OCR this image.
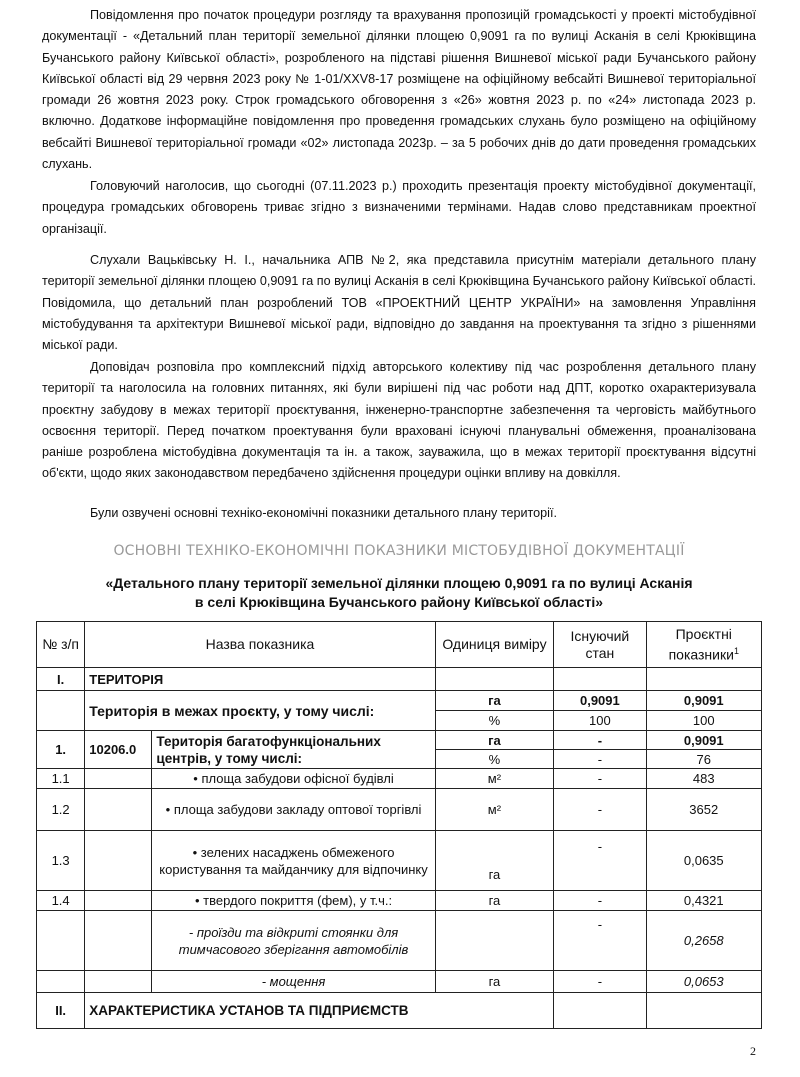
Повідомлення про початок процедури розгляду та врахування пропозицій громадськості у проекті містобудівної документації - «Детальний план території земельної ділянки площею 0,9091 га по вулиці Асканія в селі Крюківщина Бучанського району Київської області», розробленого на підставі рішення Вишневої міської ради Бучанського району Київської області від 29 червня 2023 року № 1-01/XXV8-17 розміщене на офіційному вебсайті Вишневої територіальної громади 26 жовтня 2023 року. Строк громадського обговорення з «26» жовтня 2023 р. по «24» листопада 2023 р. включно. Додаткове інформаційне повідомлення про проведення громадських слухань було розміщено на офіційному вебсайті Вишневої територіальної громади «02» листопада 2023р. – за 5 робочих днів до дати проведення громадських слухань.

Головуючий наголосив, що сьогодні (07.11.2023 р.) проходить презентація проекту містобудівної документації, процедура громадських обговорень триває згідно з визначеними термінами. Надав слово представникам проектної організації.

Слухали Вацьківську Н. І., начальника АПВ №2, яка представила присутнім матеріали детального плану території земельної ділянки площею 0,9091 га по вулиці Асканія в селі Крюківщина Бучанського району Київської області. Повідомила, що детальний план розроблений ТОВ «ПРОЕКТНИЙ ЦЕНТР УКРАЇНИ» на замовлення Управління містобудування та архітектури Вишневої міської ради, відповідно до завдання на проектування та згідно з рішеннями міської ради.

Доповідач розповіла про комплексний підхід авторського колективу під час розроблення детального плану території та наголосила на головних питаннях, які були вирішені під час роботи над ДПТ, коротко охарактеризувала проєктну забудову в межах території проєктування, інженерно-транспортне забезпечення та черговість майбутнього освоєння території. Перед початком проектування були враховані існуючі планувальні обмеження, проаналізована раніше розроблена містобудівна документація та ін. а також, зауважила, що в межах території проєктування відсутні об'єкти, щодо яких законодавством передбачено здійснення процедури оцінки впливу на довкілля.

Були озвучені основні техніко-економічні показники детального плану території.

ОСНОВНІ ТЕХНІКО-ЕКОНОМІЧНІ ПОКАЗНИКИ МІСТОБУДІВНОЇ ДОКУМЕНТАЦІЇ
«Детального плану території земельної ділянки площею 0,9091 га по вулиці Асканія
в селі Крюківщина Бучанського району Київської області»
№ з/п	Назва показника		Одиниця виміру	Існуючий стан	Проєктні показники$^1$
I.	ТЕРИТОРІЯ				
	Територія в межах проєкту, у тому числі:		га	0,9091	0,9091
			%	100	100
1.	10206.0	Територія багатофункціональних центрів, у тому числі:	га	-	0,9091
			%	-	76
1.1		• площа забудови офісної будівлі	м²	-	483
1.2		• площа забудови закладу оптової торгівлі	м²	-	3652
1.3		• зелених насаджень обмеженого користування та майданчику для відпочинку	га	-	0,0635
1.4		• твердого покриття (фем), у т.ч.:	га	-	0,4321
		- проїзди та відкриті стоянки для тимчасового зберігання автомобілів		-	0,2658
		- мощення	га	-	0,0653
II.	ХАРАКТЕРИСТИКА УСТАНОВ ТА ПІДПРИЄМСТВ				
2
